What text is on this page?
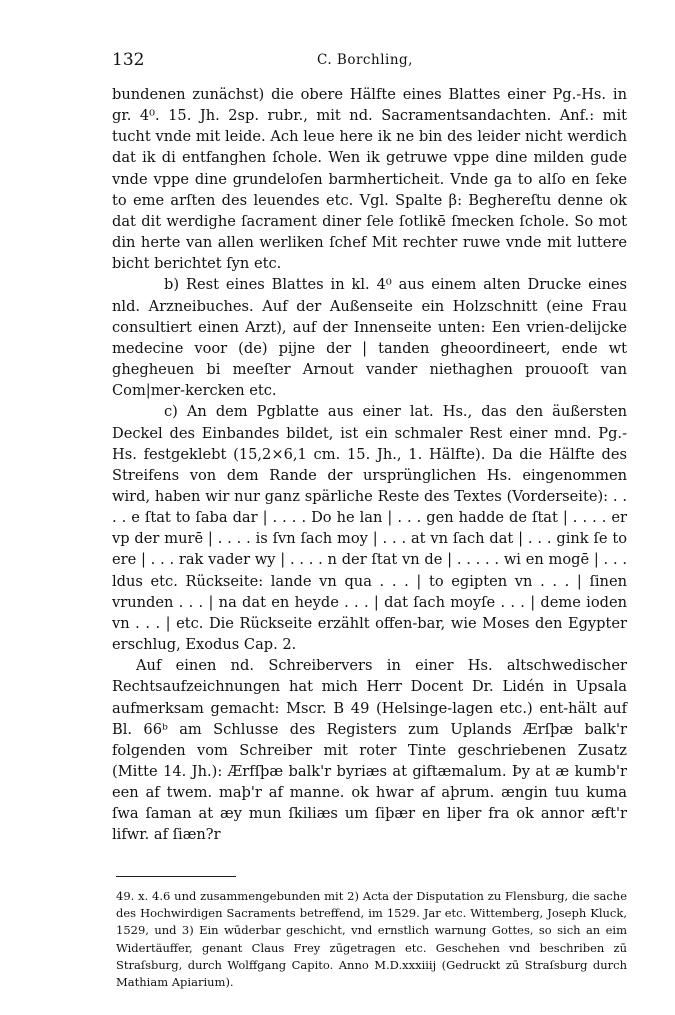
132	C. Borchling,

bundenen zunächst) die obere Hälfte eines Blattes einer Pg.-Hs. in gr. 4⁰. 15. Jh. 2sp. rubr., mit nd. Sacramentsandachten. Anf.: mit tucht vnde mit leide. Ach leue here ik ne bin des leider nicht werdich dat ik di entfanghen ſchole. Wen ik getruwe vppe dine milden gude vnde vppe dine grundeloſen barmherticheit. Vnde ga to alſo en ſeke to eme arſten des leuendes etc. Vgl. Spalte β: Beghereſtu denne ok dat dit werdighe ſacrament diner ſele ſotlikē ſmecken ſchole. So mot din herte van allen werliken ſchef Mit rechter ruwe vnde mit luttere bicht berichtet ſyn etc.

b) Rest eines Blattes in kl. 4⁰ aus einem alten Drucke eines nld. Arzneibuches. Auf der Außenseite ein Holzschnitt (eine Frau consultiert einen Arzt), auf der Innenseite unten: Een vrien-delijcke medecine voor (de) pijne der | tanden gheoordineert, ende wt ghegheuen bi meeſter Arnout vander niethaghen prouooſt van Com|mer-kercken etc.

c) An dem Pgblatte aus einer lat. Hs., das den äußersten Deckel des Einbandes bildet, ist ein schmaler Rest einer mnd. Pg.-Hs. festgeklebt (15,2×6,1 cm. 15. Jh., 1. Hälfte). Da die Hälfte des Streifens von dem Rande der ursprünglichen Hs. eingenommen wird, haben wir nur ganz spärliche Reste des Textes (Vorderseite): . . . . e ſtat to ſaba dar | . . . . Do he lan | . . . gen hadde de ſtat | . . . . er vp der murē | . . . . is ſvn ſach moy | . . . at vn ſach dat | . . . gink ſe to ere | . . . rak vader wy | . . . . n der ſtat vn de | . . . . . wi en mogē | . . . ldus etc. Rückseite: lande vn qua . . . | to egipten vn . . . | ſinen vrunden . . . | na dat en heyde . . . | dat ſach moyſe . . . | deme ioden vn . . . | etc. Die Rückseite erzählt offen-bar, wie Moses den Egypter erschlug, Exodus Cap. 2.

Auf einen nd. Schreibervers in einer Hs. altschwedischer Rechtsaufzeichnungen hat mich Herr Docent Dr. Lidén in Upsala aufmerksam gemacht: Mscr. B 49 (Helsinge-lagen etc.) ent-hält auf Bl. 66ᵇ am Schlusse des Registers zum Uplands Ærſþæ balk'r folgenden vom Schreiber mit roter Tinte geschriebenen Zusatz (Mitte 14. Jh.): Ærfſþæ balk'r byriæs at giftæmalum. Þy at æ kumb'r een af twem. maþ'r af manne. ok hwar af aþrum. ængin tuu kuma ſwa ſaman at æy mun ſkiliæs um ſiþær en liþer fra ok annor æft'r lifwr. af ſiæn?r

49. x. 4.6 und zusammengebunden mit 2) Acta der Disputation zu Flensburg, die sache des Hochwirdigen Sacraments betreffend, im 1529. Jar etc. Wittemberg, Joseph Kluck, 1529, und 3) Ein wūderbar geschicht, vnd ernstlich warnung Gottes, so sich an eim Widertäuffer, genant Claus Frey zūgetragen etc. Geschehen vnd beschriben zū Straſsburg, durch Wolffgang Capito. Anno M.D.xxxiiij (Gedruckt zū Straſsburg durch Mathiam Apiarium).
